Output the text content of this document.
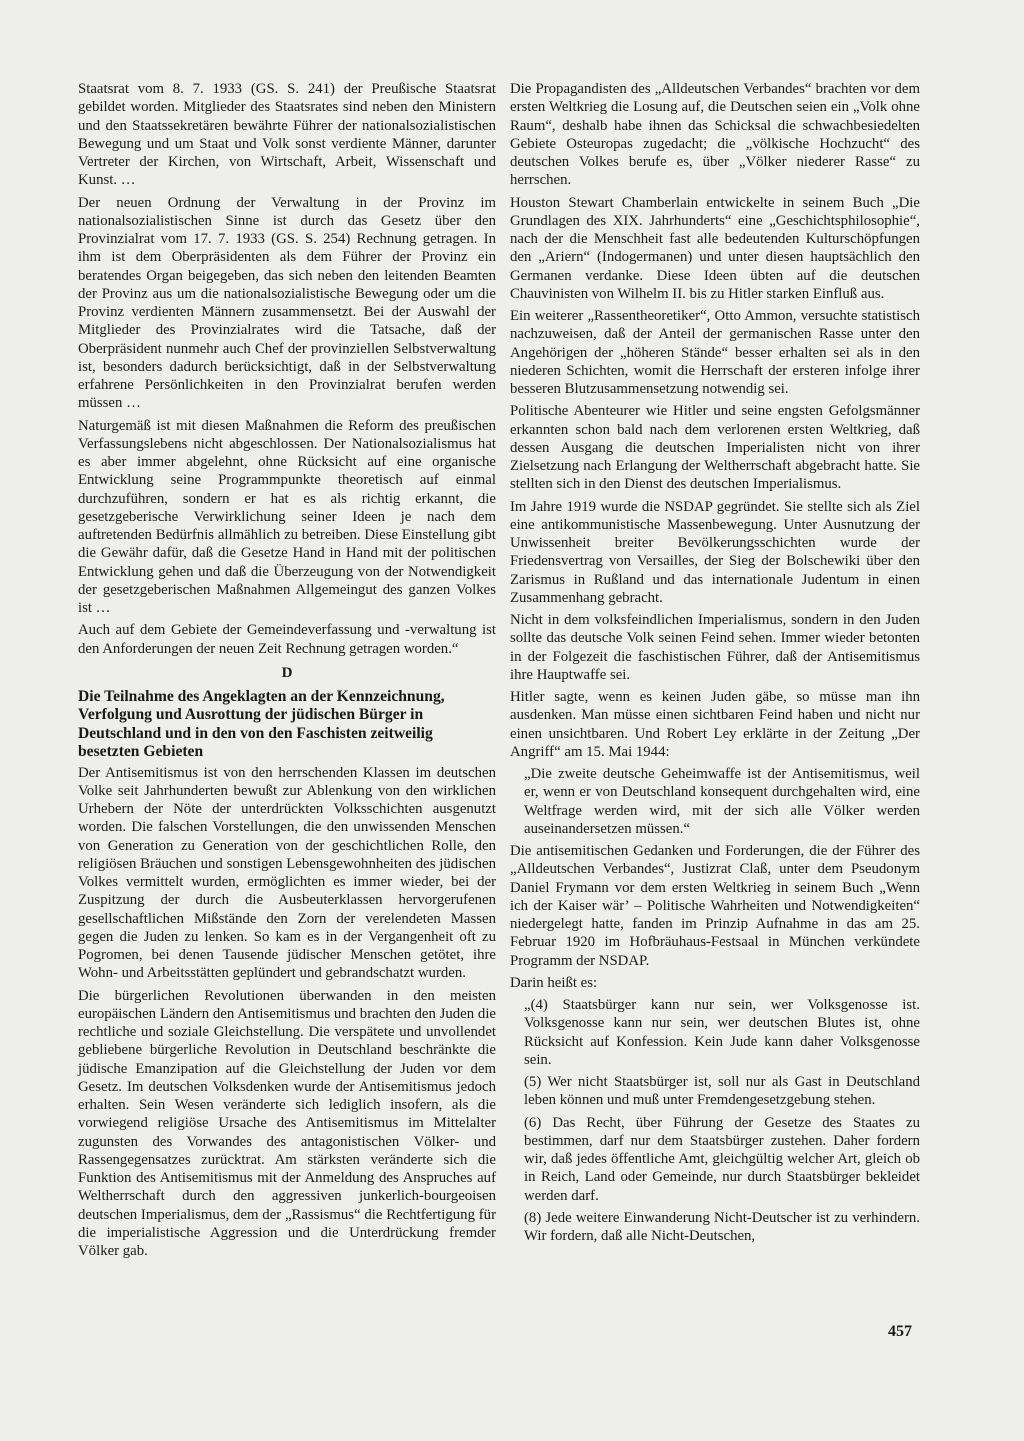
Staatsrat vom 8. 7. 1933 (GS. S. 241) der Preußische Staatsrat gebildet worden. Mitglieder des Staatsrates sind neben den Ministern und den Staatssekretären bewährte Führer der nationalsozialistischen Bewegung und um Staat und Volk sonst verdiente Männer, darunter Vertreter der Kirchen, von Wirtschaft, Arbeit, Wissenschaft und Kunst. …

Der neuen Ordnung der Verwaltung in der Provinz im nationalsozialistischen Sinne ist durch das Gesetz über den Provinzialrat vom 17. 7. 1933 (GS. S. 254) Rechnung getragen. In ihm ist dem Oberpräsidenten als dem Führer der Provinz ein beratendes Organ beigegeben, das sich neben den leitenden Beamten der Provinz aus um die nationalsozialistische Bewegung oder um die Provinz verdienten Männern zusammensetzt. Bei der Auswahl der Mitglieder des Provinzialrates wird die Tatsache, daß der Oberpräsident nunmehr auch Chef der provinziellen Selbstverwaltung ist, besonders dadurch berücksichtigt, daß in der Selbstverwaltung erfahrene Persönlichkeiten in den Provinzialrat berufen werden müssen …

Naturgemäß ist mit diesen Maßnahmen die Reform des preußischen Verfassungslebens nicht abgeschlossen. Der Nationalsozialismus hat es aber immer abgelehnt, ohne Rücksicht auf eine organische Entwicklung seine Programmpunkte theoretisch auf einmal durchzuführen, sondern er hat es als richtig erkannt, die gesetzgeberische Verwirklichung seiner Ideen je nach dem auftretenden Bedürfnis allmählich zu betreiben. Diese Einstellung gibt die Gewähr dafür, daß die Gesetze Hand in Hand mit der politischen Entwicklung gehen und daß die Überzeugung von der Notwendigkeit der gesetzgeberischen Maßnahmen Allgemeingut des ganzen Volkes ist …

Auch auf dem Gebiete der Gemeindeverfassung und -verwaltung ist den Anforderungen der neuen Zeit Rechnung getragen worden.“

D
Die Teilnahme des Angeklagten an der Kennzeichnung, Verfolgung und Ausrottung der jüdischen Bürger in Deutschland und in den von den Faschisten zeitweilig besetzten Gebieten

Der Antisemitismus ist von den herrschenden Klassen im deutschen Volke seit Jahrhunderten bewußt zur Ablenkung von den wirklichen Urhebern der Nöte der unterdrückten Volksschichten ausgenutzt worden. Die falschen Vorstellungen, die den unwissenden Menschen von Generation zu Generation von der geschichtlichen Rolle, den religiösen Bräuchen und sonstigen Lebensgewohnheiten des jüdischen Volkes vermittelt wurden, ermöglichten es immer wieder, bei der Zuspitzung der durch die Ausbeuterklassen hervorgerufenen gesellschaftlichen Mißstände den Zorn der verelendeten Massen gegen die Juden zu lenken. So kam es in der Vergangenheit oft zu Pogromen, bei denen Tausende jüdischer Menschen getötet, ihre Wohn- und Arbeitsstätten geplündert und gebrandschatzt wurden.

Die bürgerlichen Revolutionen überwanden in den meisten europäischen Ländern den Antisemitismus und brachten den Juden die rechtliche und soziale Gleichstellung. Die verspätete und unvollendet gebliebene bürgerliche Revolution in Deutschland beschränkte die jüdische Emanzipation auf die Gleichstellung der Juden vor dem Gesetz. Im deutschen Volksdenken wurde der Antisemitismus jedoch erhalten. Sein Wesen veränderte sich lediglich insofern, als die vorwiegend religiöse Ursache des Antisemitismus im Mittelalter zugunsten des Vorwandes des antagonistischen Völker- und Rassengegensatzes zurücktrat. Am stärksten veränderte sich die Funktion des Antisemitismus mit der Anmeldung des Anspruches auf Weltherrschaft durch den aggressiven junkerlich-bourgeoisen deutschen Imperialismus, dem der „Rassismus“ die Rechtfertigung für die imperialistische Aggression und die Unterdrückung fremder Völker gab.

Die Propagandisten des „Alldeutschen Verbandes“ brachten vor dem ersten Weltkrieg die Losung auf, die Deutschen seien ein „Volk ohne Raum“, deshalb habe ihnen das Schicksal die schwachbesiedelten Gebiete Osteuropas zugedacht; die „völkische Hochzucht“ des deutschen Volkes berufe es, über „Völker niederer Rasse“ zu herrschen.

Houston Stewart Chamberlain entwickelte in seinem Buch „Die Grundlagen des XIX. Jahrhunderts“ eine „Geschichtsphilosophie“, nach der die Menschheit fast alle bedeutenden Kulturschöpfungen den „Ariern“ (Indogermanen) und unter diesen hauptsächlich den Germanen verdanke. Diese Ideen übten auf die deutschen Chauvinisten von Wilhelm II. bis zu Hitler starken Einfluß aus.

Ein weiterer „Rassentheoretiker“, Otto Ammon, versuchte statistisch nachzuweisen, daß der Anteil der germanischen Rasse unter den Angehörigen der „höheren Stände“ besser erhalten sei als in den niederen Schichten, womit die Herrschaft der ersteren infolge ihrer besseren Blutzusammensetzung notwendig sei.

Politische Abenteurer wie Hitler und seine engsten Gefolgsmänner erkannten schon bald nach dem verlorenen ersten Weltkrieg, daß dessen Ausgang die deutschen Imperialisten nicht von ihrer Zielsetzung nach Erlangung der Weltherrschaft abgebracht hatte. Sie stellten sich in den Dienst des deutschen Imperialismus.

Im Jahre 1919 wurde die NSDAP gegründet. Sie stellte sich als Ziel eine antikommunistische Massenbewegung. Unter Ausnutzung der Unwissenheit breiter Bevölkerungsschichten wurde der Friedensvertrag von Versailles, der Sieg der Bolschewiki über den Zarismus in Rußland und das internationale Judentum in einen Zusammenhang gebracht.

Nicht in dem volksfeindlichen Imperialismus, sondern in den Juden sollte das deutsche Volk seinen Feind sehen. Immer wieder betonten in der Folgezeit die faschistischen Führer, daß der Antisemitismus ihre Hauptwaffe sei.

Hitler sagte, wenn es keinen Juden gäbe, so müsse man ihn ausdenken. Man müsse einen sichtbaren Feind haben und nicht nur einen unsichtbaren. Und Robert Ley erklärte in der Zeitung „Der Angriff“ am 15. Mai 1944:

„Die zweite deutsche Geheimwaffe ist der Antisemitismus, weil er, wenn er von Deutschland konsequent durchgehalten wird, eine Weltfrage werden wird, mit der sich alle Völker werden auseinandersetzen müssen.“

Die antisemitischen Gedanken und Forderungen, die der Führer des „Alldeutschen Verbandes“, Justizrat Claß, unter dem Pseudonym Daniel Frymann vor dem ersten Weltkrieg in seinem Buch „Wenn ich der Kaiser wär’ – Politische Wahrheiten und Notwendigkeiten“ niedergelegt hatte, fanden im Prinzip Aufnahme in das am 25. Februar 1920 im Hofbräuhaus-Festsaal in München verkündete Programm der NSDAP.

Darin heißt es:

„(4) Staatsbürger kann nur sein, wer Volksgenosse ist. Volksgenosse kann nur sein, wer deutschen Blutes ist, ohne Rücksicht auf Konfession. Kein Jude kann daher Volksgenosse sein.

(5) Wer nicht Staatsbürger ist, soll nur als Gast in Deutschland leben können und muß unter Fremdengesetzgebung stehen.

(6) Das Recht, über Führung der Gesetze des Staates zu bestimmen, darf nur dem Staatsbürger zustehen. Daher fordern wir, daß jedes öffentliche Amt, gleichgültig welcher Art, gleich ob in Reich, Land oder Gemeinde, nur durch Staatsbürger bekleidet werden darf.

(8) Jede weitere Einwanderung Nicht-Deutscher ist zu verhindern. Wir fordern, daß alle Nicht-Deutschen,

457
